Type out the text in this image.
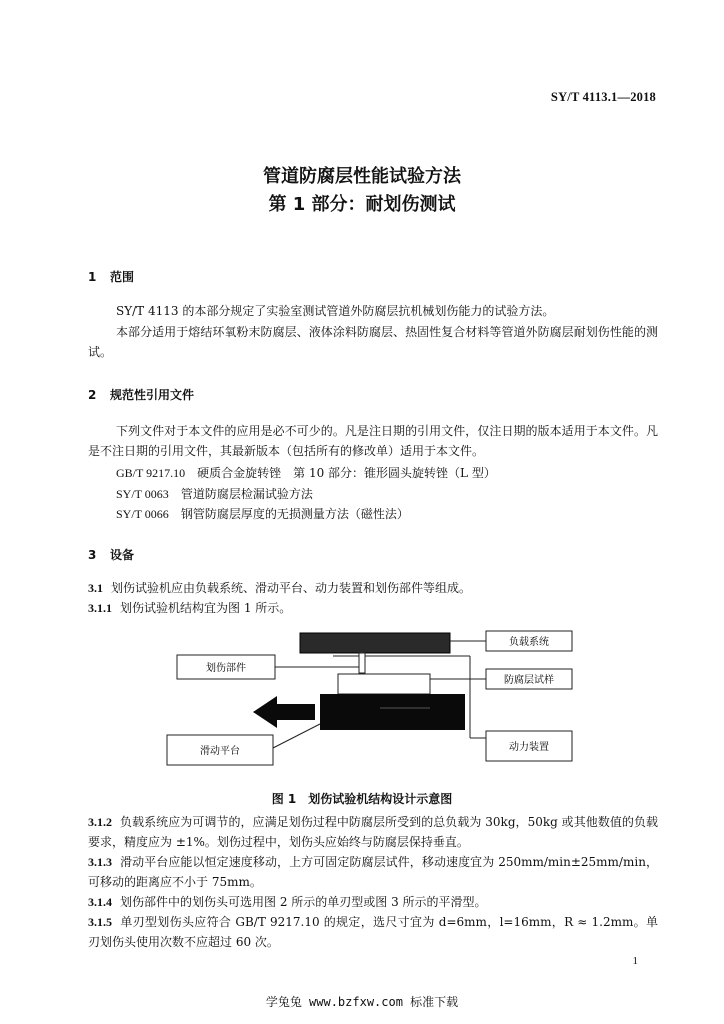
SY/T 4113.1—2018
管道防腐层性能试验方法
第 1 部分：耐划伤测试
1 范围
SY/T 4113 的本部分规定了实验室测试管道外防腐层抗机械划伤能力的试验方法。
本部分适用于熔结环氧粉末防腐层、液体涂料防腐层、热固性复合材料等管道外防腐层耐划伤性能的测试。
2 规范性引用文件
下列文件对于本文件的应用是必不可少的。凡是注日期的引用文件，仅注日期的版本适用于本文件。凡是不注日期的引用文件，其最新版本（包括所有的修改单）适用于本文件。
GB/T 9217.10　 硬质合金旋转锉　第 10 部分：锥形圆头旋转锉（L 型）
SY/T 0063　 管道防腐层检漏试验方法
SY/T 0066　 钢管防腐层厚度的无损测量方法（磁性法）
3 设备
3.1 划伤试验机应由负载系统、滑动平台、动力装置和划伤部件等组成。
3.1.1 划伤试验机结构宜为图 1 所示。
负载系统
划伤部件
防腐层试样
滑动平台	动力装置
图 1　划伤试验机结构设计示意图
3.1.2 负载系统应为可调节的，应满足划伤过程中防腐层所受到的总负载为 30kg，50kg 或其他数值的负载要求，精度应为 ±1%。划伤过程中，划伤头应始终与防腐层保持垂直。
3.1.3 滑动平台应能以恒定速度移动，上方可固定防腐层试件，移动速度宜为 250mm/min±25mm/min，可移动的距离应不小于 75mm。
3.1.4 划伤部件中的划伤头可选用图 2 所示的单刃型或图 3 所示的平滑型。
3.1.5 单刃型划伤头应符合 GB/T 9217.10 的规定，选尺寸宜为 d=6mm，l=16mm，R ≈ 1.2mm。单刃划伤头使用次数不应超过 60 次。
1
学兔兔 www.bzfxw.com 标准下载
